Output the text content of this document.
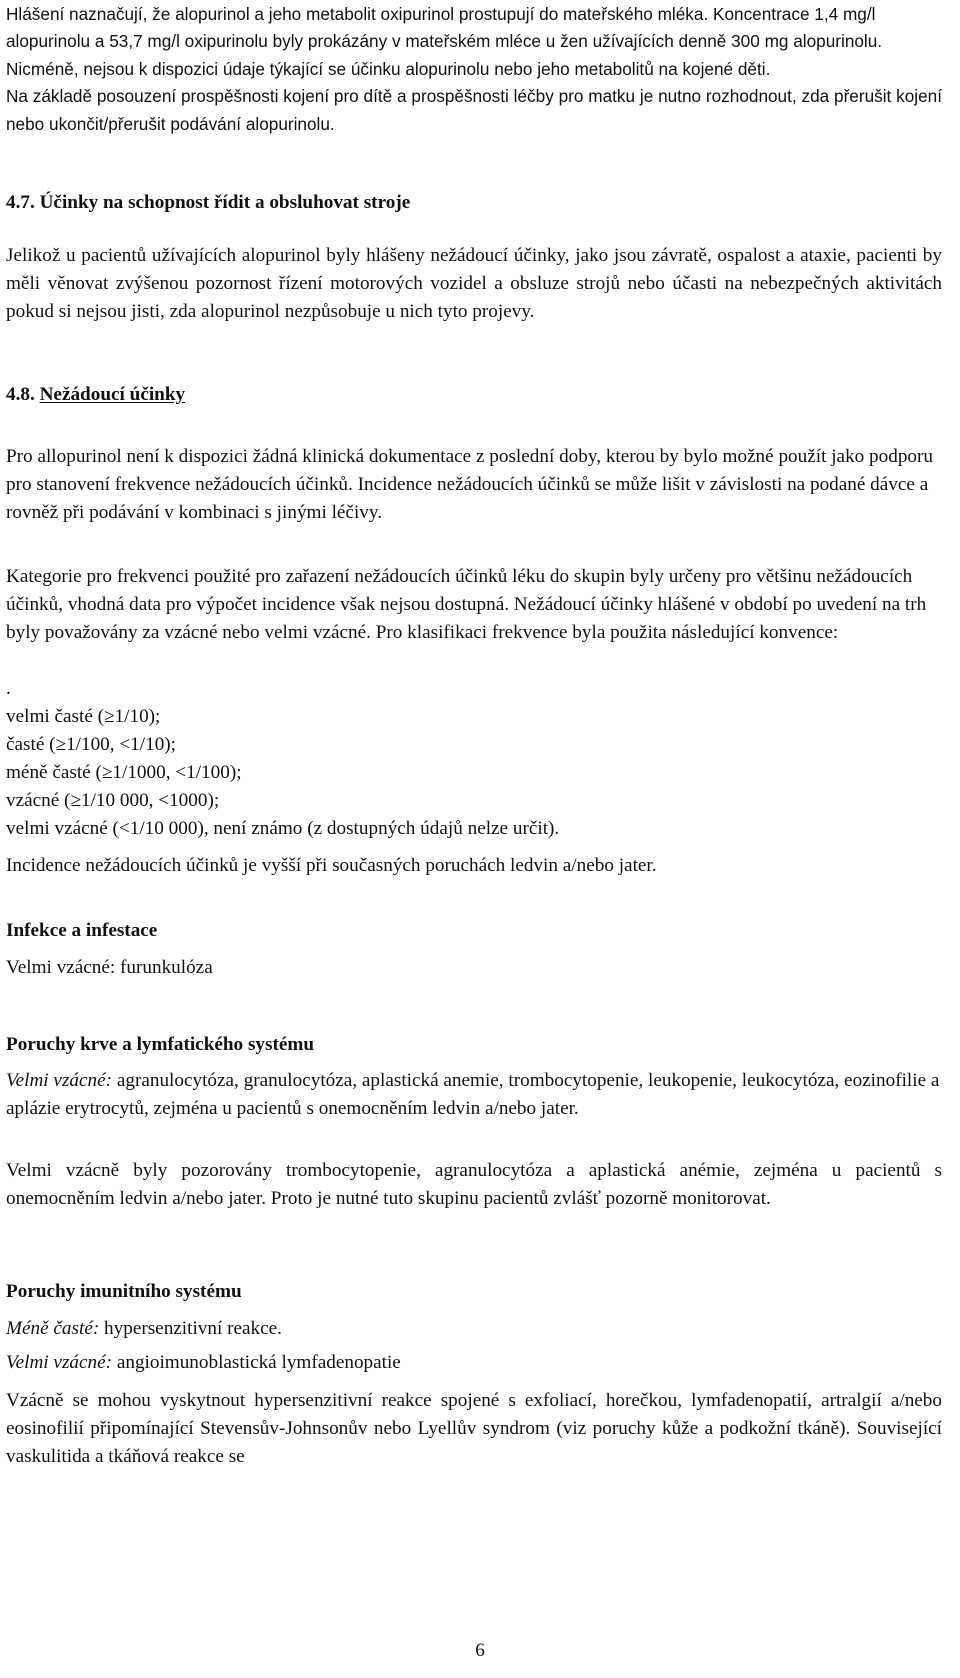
Hlášení naznačují, že alopurinol a jeho metabolit oxipurinol prostupují do mateřského mléka. Koncentrace 1,4 mg/l alopurinolu a 53,7 mg/l oxipurinolu byly prokázány v mateřském mléce u žen užívajících denně 300 mg alopurinolu. Nicméně, nejsou k dispozici údaje týkající se účinku alopurinolu nebo jeho metabolitů na kojené děti.

Na základě posouzení prospěšnosti kojení pro dítě a prospěšnosti léčby pro matku je nutno rozhodnout, zda přerušit kojení nebo ukončit/přerušit podávání alopurinolu.

4.7. Účinky na schopnost řídit a obsluhovat stroje

Jelikož u pacientů užívajících alopurinol byly hlášeny nežádoucí účinky, jako jsou závratě, ospalost a ataxie, pacienti by měli věnovat zvýšenou pozornost řízení motorových vozidel a obsluze strojů nebo účasti na nebezpečných aktivitách pokud si nejsou jisti, zda alopurinol nezpůsobuje u nich tyto projevy.

4.8. Nežádoucí účinky

Pro allopurinol není k dispozici žádná klinická dokumentace z poslední doby, kterou by bylo možné použít jako podporu pro stanovení frekvence nežádoucích účinků. Incidence nežádoucích účinků se může lišit v závislosti na podané dávce a rovněž při podávání v kombinaci s jinými léčivy.

Kategorie pro frekvenci použité pro zařazení nežádoucích účinků léku do skupin byly určeny pro většinu nežádoucích účinků, vhodná data pro výpočet incidence však nejsou dostupná. Nežádoucí účinky hlášené v období po uvedení na trh byly považovány za vzácné nebo velmi vzácné. Pro klasifikaci frekvence byla použita následující konvence:

.
velmi časté (≥1/10);
časté (≥1/100, <1/10);
méně časté (≥1/1000, <1/100);
vzácné (≥1/10 000, <1000);
velmi vzácné (<1/10 000), není známo (z dostupných údajů nelze určit).

Incidence nežádoucích účinků je vyšší při současných poruchách ledvin a/nebo jater.

Infekce a infestace

Velmi vzácné: furunkulóza

Poruchy krve a lymfatického systému

Velmi vzácné: agranulocytóza, granulocytóza, aplastická anemie, trombocytopenie, leukopenie, leukocytóza, eozinofilie a aplázie erytrocytů, zejména u pacientů s onemocněním ledvin a/nebo jater.

Velmi vzácně byly pozorovány trombocytopenie, agranulocytóza a aplastická anémie, zejména u pacientů s onemocněním ledvin a/nebo jater. Proto je nutné tuto skupinu pacientů zvlášť pozorně monitorovat.

Poruchy imunitního systému

Méně časté: hypersenzitivní reakce.

Velmi vzácné: angioimunoblastická lymfadenopatie

Vzácně se mohou vyskytnout hypersenzitivní reakce spojené s exfoliací, horečkou, lymfadenopatií, artralgií a/nebo eosinofilií připomínající Stevensův-Johnsonův nebo Lyellův syndrom (viz poruchy kůže a podkožní tkáně). Související vaskulitida a tkáňová reakce se

6
